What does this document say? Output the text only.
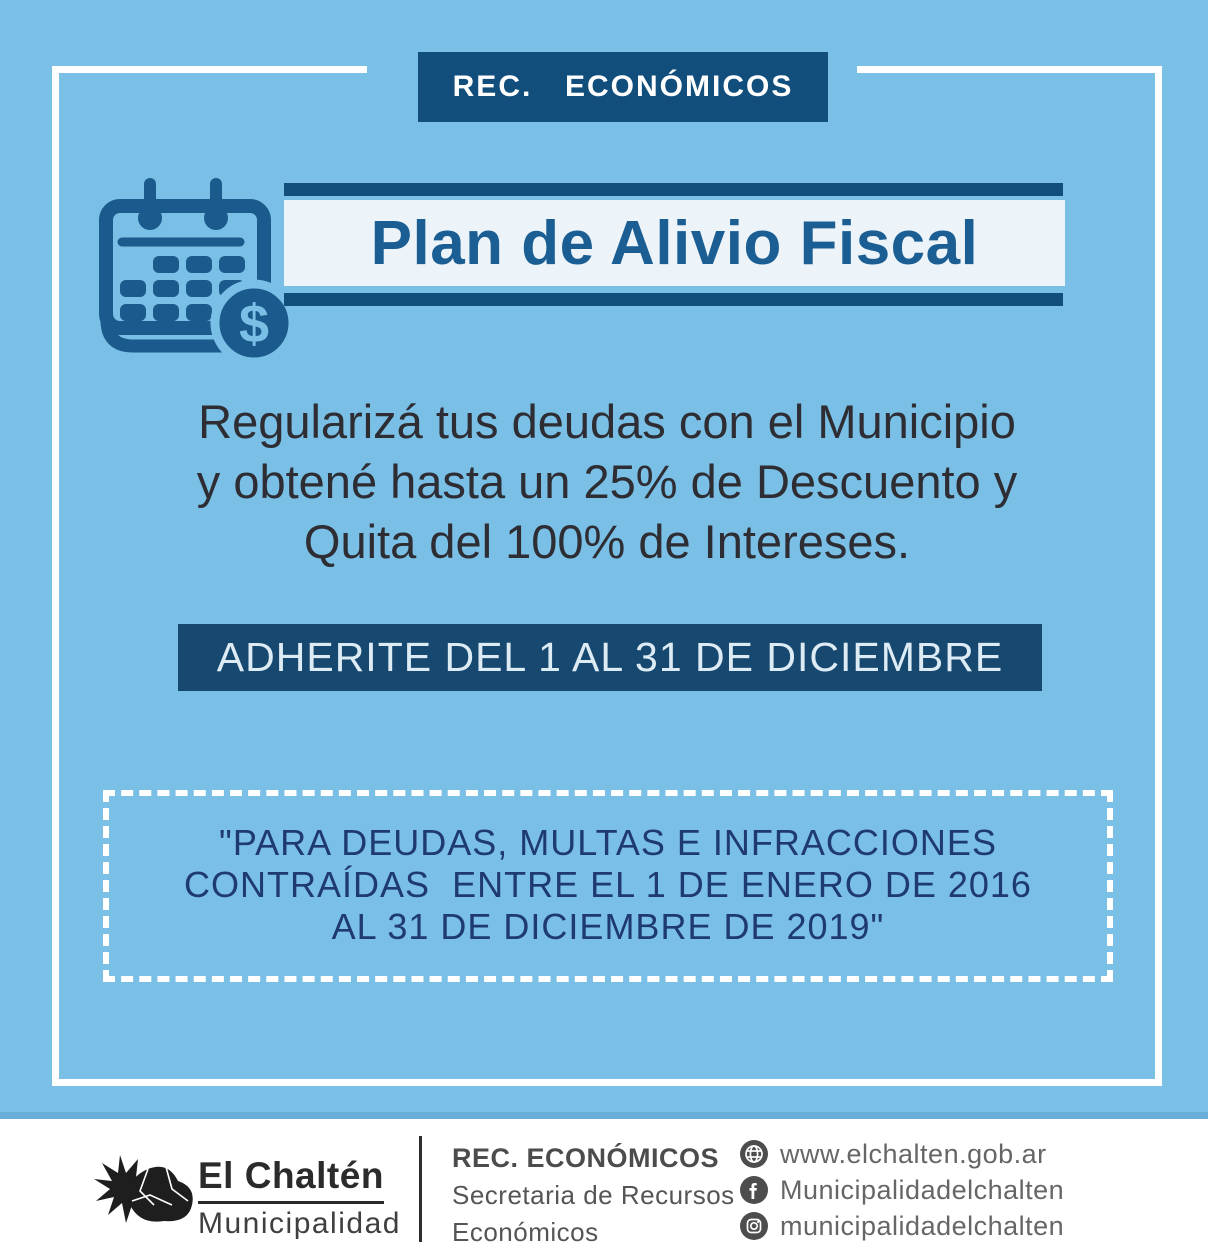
REC.  ECONÓMICOS
$
Plan de Alivio Fiscal
Regularizá tus deudas con el Municipio
y obtené hasta un 25% de Descuento y
Quita del 100% de Intereses.
ADHERITE DEL 1 AL 31 DE DICIEMBRE
"PARA DEUDAS, MULTAS E INFRACCIONES
CONTRAÍDAS  ENTRE EL 1 DE ENERO DE 2016
AL 31 DE DICIEMBRE DE 2019"
El Chaltén
Municipalidad
REC. ECONÓMICOS
Secretaria de Recursos
Económicos
www.elchalten.gob.ar
Municipalidadelchalten
municipalidadelchalten
